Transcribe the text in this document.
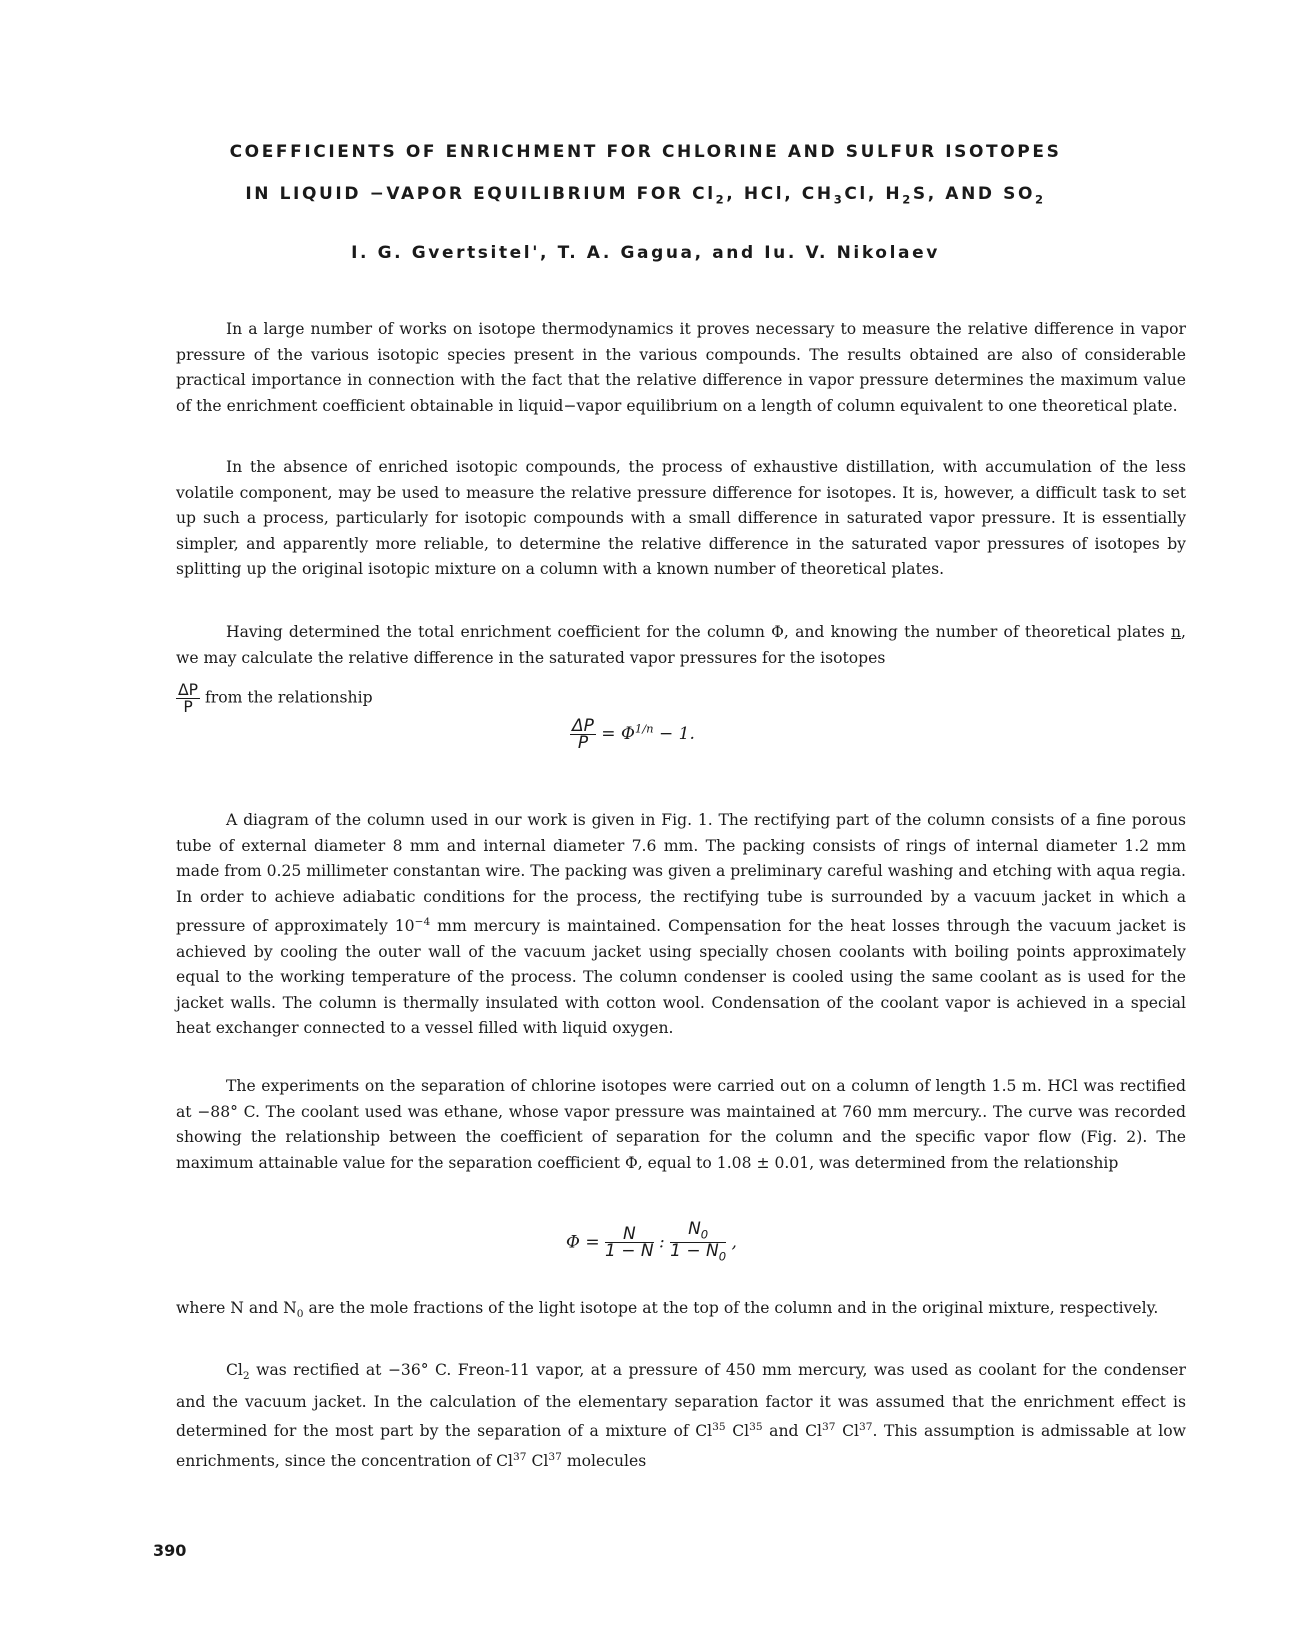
COEFFICIENTS OF ENRICHMENT FOR CHLORINE AND SULFUR ISOTOPES
IN LIQUID −VAPOR EQUILIBRIUM FOR $Cl_2$, HCl, $CH_3Cl$, $H_2S$, AND $SO_2$
I. G. Gvertsitel', T. A. Gagua, and Iu. V. Nikolaev

In a large number of works on isotope thermodynamics it proves necessary to measure the relative difference in vapor pressure of the various isotopic species present in the various compounds. The results obtained are also of considerable practical importance in connection with the fact that the relative difference in vapor pressure determines the maximum value of the enrichment coefficient obtainable in liquid−vapor equilibrium on a length of column equivalent to one theoretical plate.

In the absence of enriched isotopic compounds, the process of exhaustive distillation, with accumulation of the less volatile component, may be used to measure the relative pressure difference for isotopes. It is, however, a difficult task to set up such a process, particularly for isotopic compounds with a small difference in saturated vapor pressure. It is essentially simpler, and apparently more reliable, to determine the relative difference in the saturated vapor pressures of isotopes by splitting up the original isotopic mixture on a column with a known number of theoretical plates.

Having determined the total enrichment coefficient for the column Φ, and knowing the number of theoretical plates n, we may calculate the relative difference in the saturated vapor pressures for the isotopes

$\frac{\Delta P}{P}$ from the relationship
$\frac{\Delta P}{P} = \Phi^{1/n} - 1$.

A diagram of the column used in our work is given in Fig. 1. The rectifying part of the column consists of a fine porous tube of external diameter 8 mm and internal diameter 7.6 mm. The packing consists of rings of internal diameter 1.2 mm made from 0.25 millimeter constantan wire. The packing was given a preliminary careful washing and etching with aqua regia. In order to achieve adiabatic conditions for the process, the rectifying tube is surrounded by a vacuum jacket in which a pressure of approximately $10^{-4}$ mm mercury is maintained. Compensation for the heat losses through the vacuum jacket is achieved by cooling the outer wall of the vacuum jacket using specially chosen coolants with boiling points approximately equal to the working temperature of the process. The column condenser is cooled using the same coolant as is used for the jacket walls. The column is thermally insulated with cotton wool. Condensation of the coolant vapor is achieved in a special heat exchanger connected to a vessel filled with liquid oxygen.

The experiments on the separation of chlorine isotopes were carried out on a column of length 1.5 m. HCl was rectified at −88° C. The coolant used was ethane, whose vapor pressure was maintained at 760 mm mercury.. The curve was recorded showing the relationship between the coefficient of separation for the column and the specific vapor flow (Fig. 2). The maximum attainable value for the separation coefficient Φ, equal to 1.08 ± 0.01, was determined from the relationship

$\Phi = \frac{N}{1 - N}$ : $\frac{N_0}{1 - N_0}$ ,

where N and $N_0$ are the mole fractions of the light isotope at the top of the column and in the original mixture, respectively.

$Cl_2$ was rectified at −36° C. Freon-11 vapor, at a pressure of 450 mm mercury, was used as coolant for the condenser and the vacuum jacket. In the calculation of the elementary separation factor it was assumed that the enrichment effect is determined for the most part by the separation of a mixture of Cl$^{35}$ Cl$^{35}$ and Cl$^{37}$ Cl$^{37}$. This assumption is admissable at low enrichments, since the concentration of Cl$^{37}$ Cl$^{37}$ molecules

390
